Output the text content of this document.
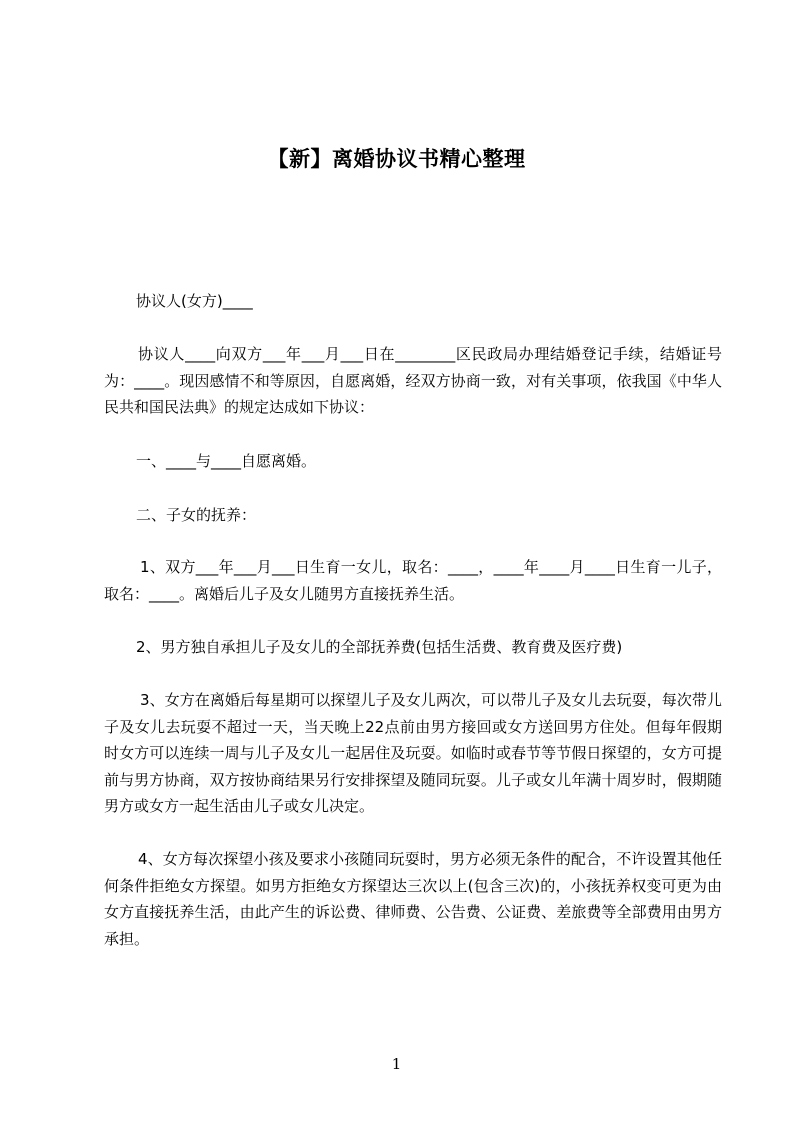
【新】离婚协议书精心整理
协议人(女方)____
协议人____向双方___年___月___日在________区民政局办理结婚登记手续，结婚证号为：____。现因感情不和等原因，自愿离婚，经双方协商一致，对有关事项，依我国《中华人民共和国民法典》的规定达成如下协议：
一、____与____自愿离婚。
二、子女的抚养：
1、双方___年___月___日生育一女儿，取名：____，____年____月____日生育一儿子，取名：____。离婚后儿子及女儿随男方直接抚养生活。
2、男方独自承担儿子及女儿的全部抚养费(包括生活费、教育费及医疗费)
3、女方在离婚后每星期可以探望儿子及女儿两次，可以带儿子及女儿去玩耍，每次带儿子及女儿去玩耍不超过一天，当天晚上22点前由男方接回或女方送回男方住处。但每年假期时女方可以连续一周与儿子及女儿一起居住及玩耍。如临时或春节等节假日探望的，女方可提前与男方协商，双方按协商结果另行安排探望及随同玩耍。儿子或女儿年满十周岁时，假期随男方或女方一起生活由儿子或女儿决定。
4、女方每次探望小孩及要求小孩随同玩耍时，男方必须无条件的配合，不许设置其他任何条件拒绝女方探望。如男方拒绝女方探望达三次以上(包含三次)的，小孩抚养权变可更为由女方直接抚养生活，由此产生的诉讼费、律师费、公告费、公证费、差旅费等全部费用由男方承担。
1
